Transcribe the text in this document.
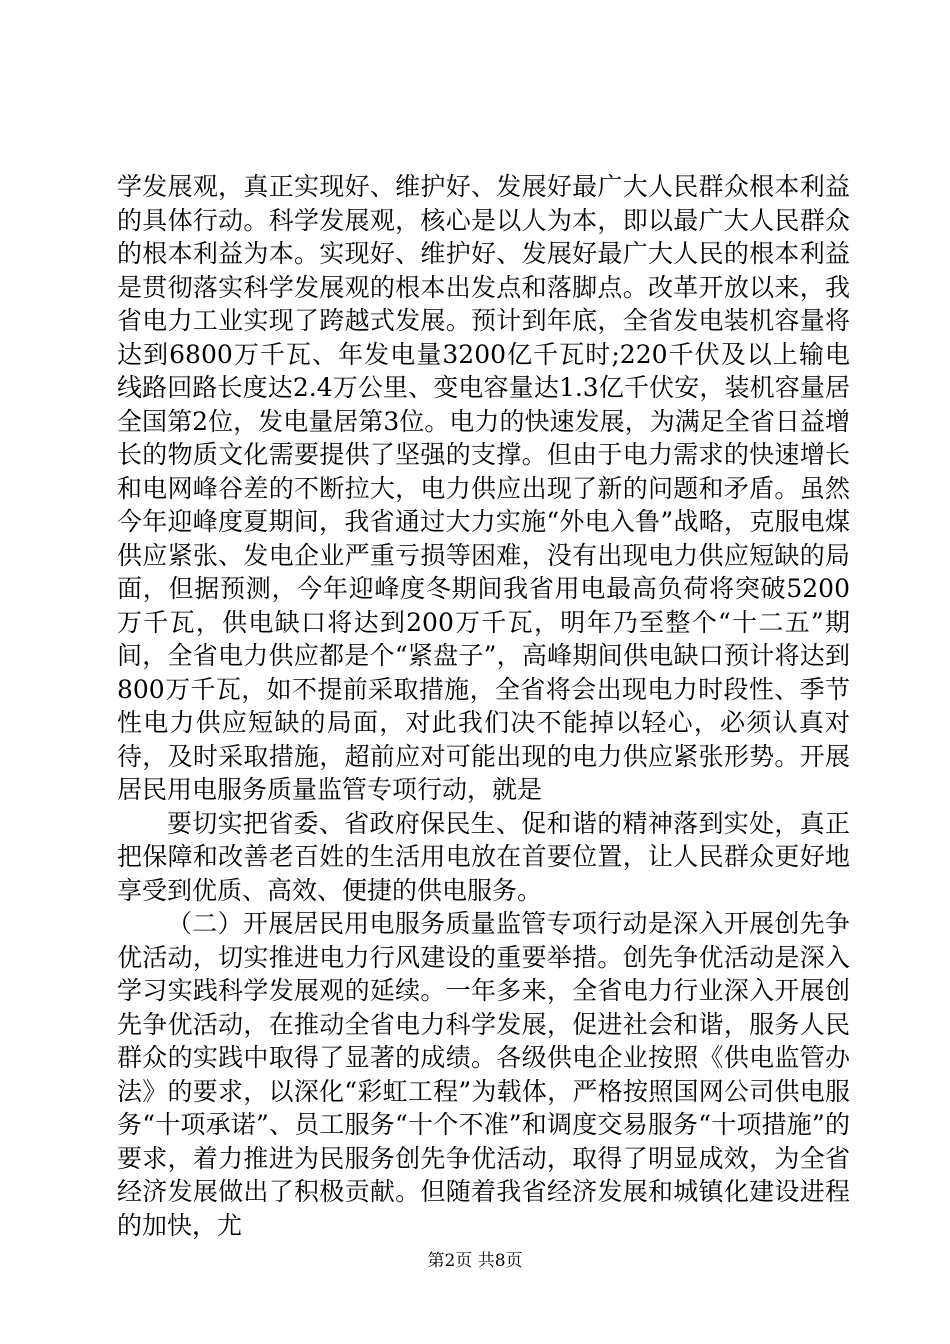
学发展观，真正实现好、维护好、发展好最广大人民群众根本利益的具体行动。科学发展观，核心是以人为本，即以最广大人民群众的根本利益为本。实现好、维护好、发展好最广大人民的根本利益是贯彻落实科学发展观的根本出发点和落脚点。改革开放以来，我省电力工业实现了跨越式发展。预计到年底，全省发电装机容量将达到6800万千瓦、年发电量3200亿千瓦时;220千伏及以上输电线路回路长度达2.4万公里、变电容量达1.3亿千伏安，装机容量居全国第2位，发电量居第3位。电力的快速发展，为满足全省日益增长的物质文化需要提供了坚强的支撑。但由于电力需求的快速增长和电网峰谷差的不断拉大，电力供应出现了新的问题和矛盾。虽然今年迎峰度夏期间，我省通过大力实施“外电入鲁”战略，克服电煤供应紧张、发电企业严重亏损等困难，没有出现电力供应短缺的局面，但据预测，今年迎峰度冬期间我省用电最高负荷将突破5200万千瓦，供电缺口将达到200万千瓦，明年乃至整个“十二五”期间，全省电力供应都是个“紧盘子”，高峰期间供电缺口预计将达到800万千瓦，如不提前采取措施，全省将会出现电力时段性、季节性电力供应短缺的局面，对此我们决不能掉以轻心，必须认真对待，及时采取措施，超前应对可能出现的电力供应紧张形势。开展居民用电服务质量监管专项行动，就是

要切实把省委、省政府保民生、促和谐的精神落到实处，真正把保障和改善老百姓的生活用电放在首要位置，让人民群众更好地享受到优质、高效、便捷的供电服务。

（二）开展居民用电服务质量监管专项行动是深入开展创先争优活动，切实推进电力行风建设的重要举措。创先争优活动是深入学习实践科学发展观的延续。一年多来，全省电力行业深入开展创先争优活动，在推动全省电力科学发展，促进社会和谐，服务人民群众的实践中取得了显著的成绩。各级供电企业按照《供电监管办法》的要求，以深化“彩虹工程”为载体，严格按照国网公司供电服务“十项承诺”、员工服务“十个不准”和调度交易服务“十项措施”的要求，着力推进为民服务创先争优活动，取得了明显成效，为全省经济发展做出了积极贡献。但随着我省经济发展和城镇化建设进程的加快，尤

第2页 共8页
